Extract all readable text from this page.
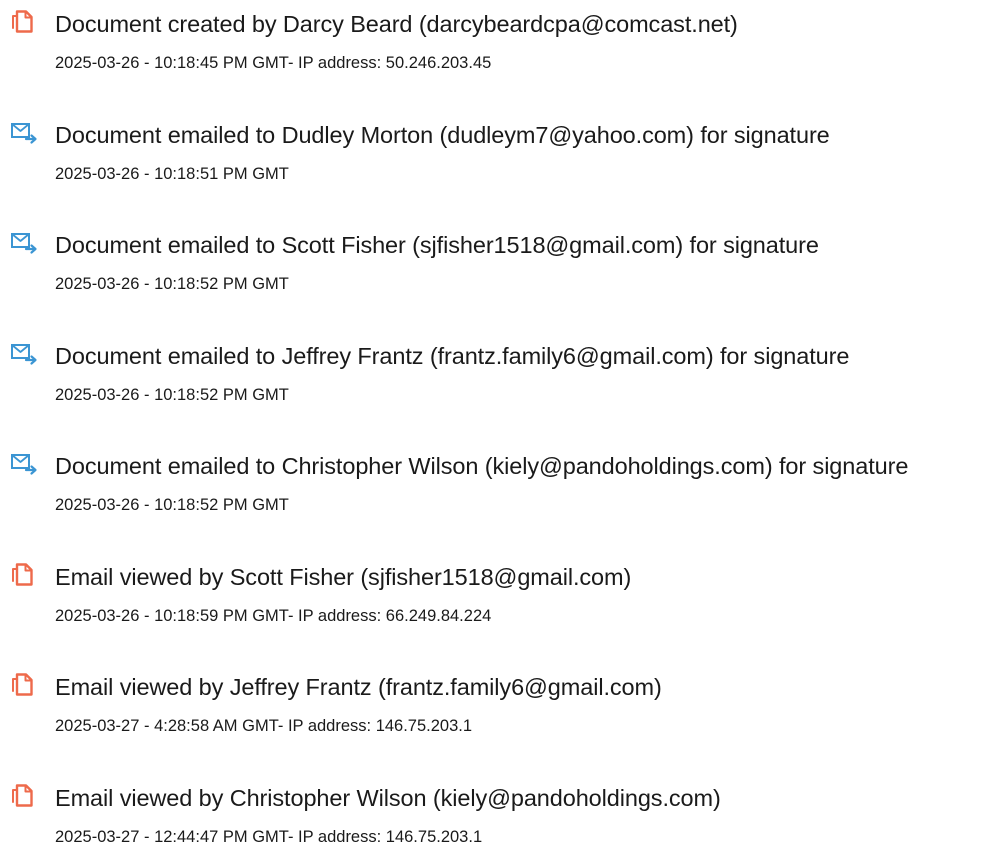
Document created by Darcy Beard (darcybeardcpa@comcast.net)
2025-03-26 - 10:18:45 PM GMT- IP address: 50.246.203.45
Document emailed to Dudley Morton (dudleym7@yahoo.com) for signature
2025-03-26 - 10:18:51 PM GMT
Document emailed to Scott Fisher (sjfisher1518@gmail.com) for signature
2025-03-26 - 10:18:52 PM GMT
Document emailed to Jeffrey Frantz (frantz.family6@gmail.com) for signature
2025-03-26 - 10:18:52 PM GMT
Document emailed to Christopher Wilson (kiely@pandoholdings.com) for signature
2025-03-26 - 10:18:52 PM GMT
Email viewed by Scott Fisher (sjfisher1518@gmail.com)
2025-03-26 - 10:18:59 PM GMT- IP address: 66.249.84.224
Email viewed by Jeffrey Frantz (frantz.family6@gmail.com)
2025-03-27 - 4:28:58 AM GMT- IP address: 146.75.203.1
Email viewed by Christopher Wilson (kiely@pandoholdings.com)
2025-03-27 - 12:44:47 PM GMT- IP address: 146.75.203.1
